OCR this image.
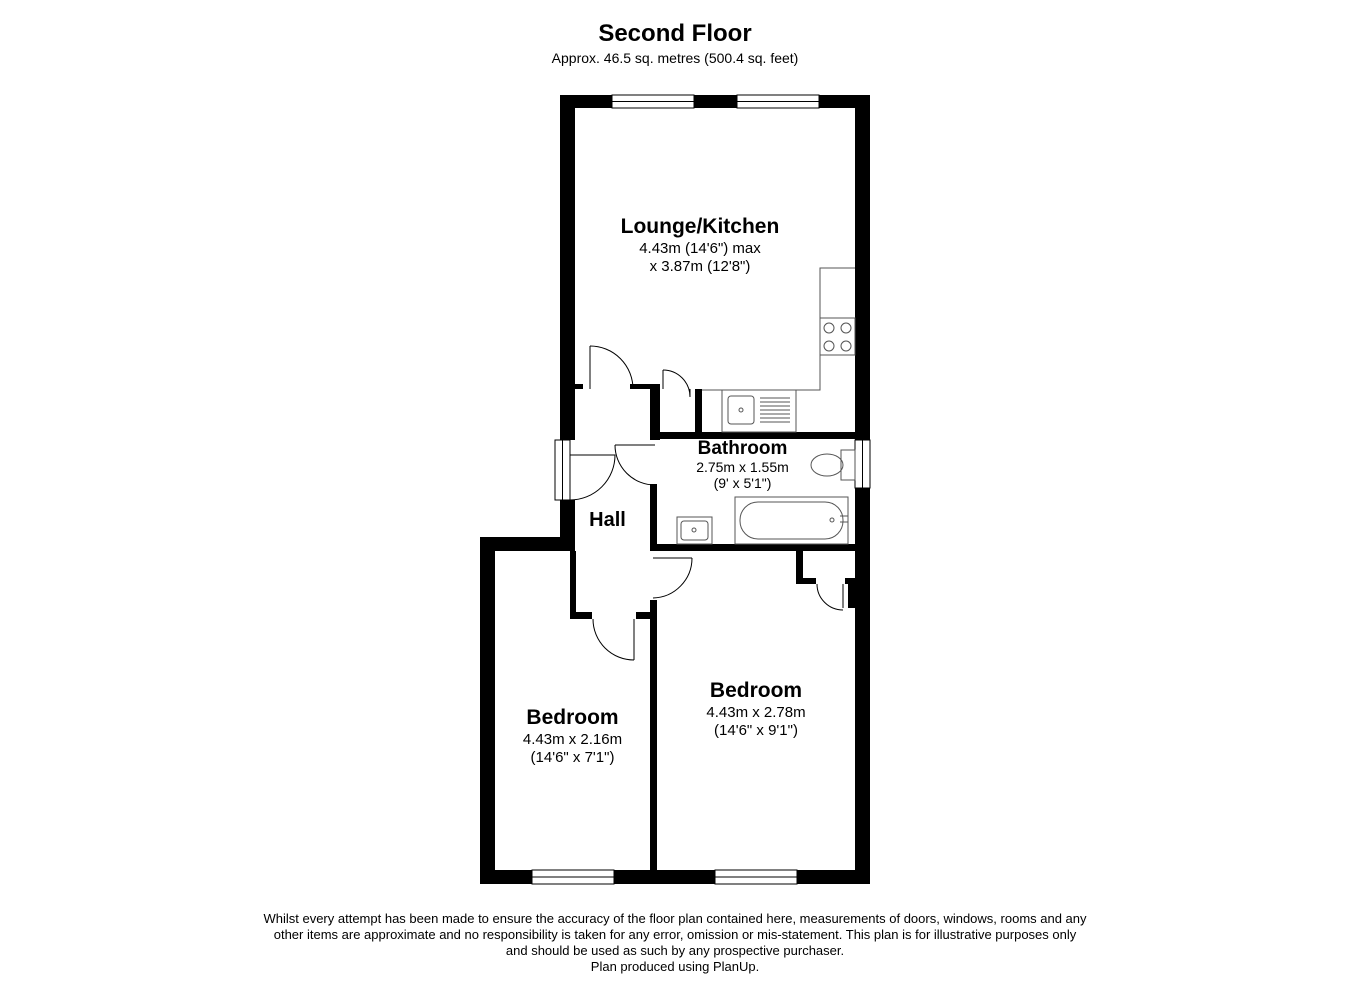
Second Floor
Approx. 46.5 sq. metres (500.4 sq. feet)
Lounge/Kitchen
4.43m (14'6") max
x 3.87m (12'8")
Bathroom
2.75m x 1.55m
(9' x 5'1")
Hall
Bedroom
4.43m x 2.16m
(14'6" x 7'1")
Bedroom
4.43m x 2.78m
(14'6" x 9'1")
Whilst every attempt has been made to ensure the accuracy of the floor plan contained here, measurements of doors, windows, rooms and any
other items are approximate and no responsibility is taken for any error, omission or mis-statement. This plan is for illustrative purposes only
and should be used as such by any prospective purchaser.
Plan produced using PlanUp.
